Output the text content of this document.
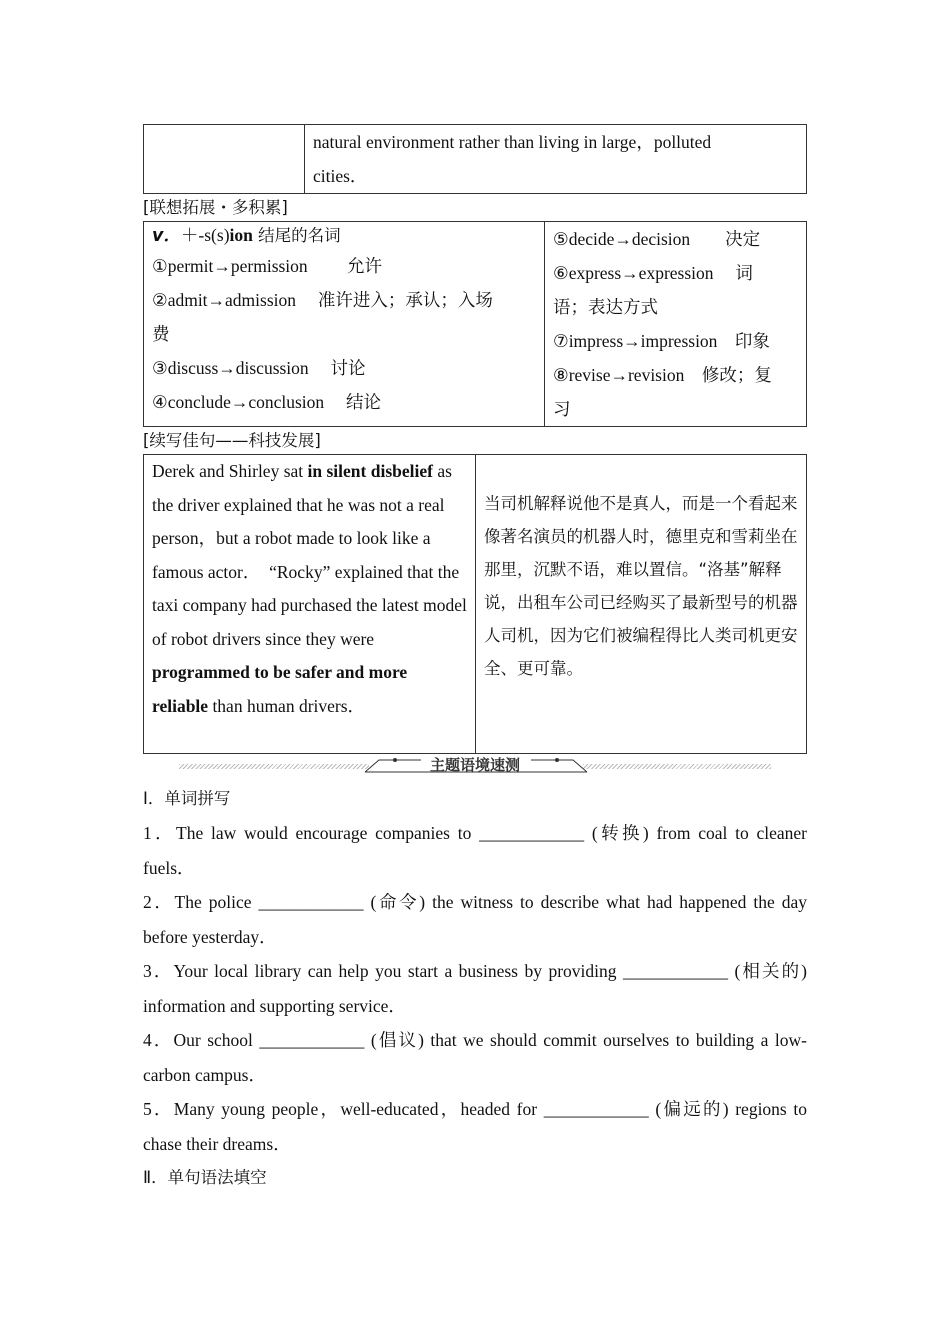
natural environment rather than living in large，polluted
cities．
[联想拓展・多积累]
v．＋-s(s)ion 结尾的名词
①permit→permission　　 允许
②admit→admission　 准许进入；承认；入场
费
③discuss→discussion　 讨论
④conclude→conclusion　 结论

⑤decide→decision　　决定
⑥express→expression　 词
语；表达方式
⑦impress→impression　印象
⑧revise→revision　修改；复
习
[续写佳句——科技发展]
Derek and Shirley sat in silent disbelief as the driver explained that he was not a real person，but a robot made to look like a famous actor．　“Rocky” explained that the taxi company had purchased the latest model of robot drivers since they were programmed to be safer and more reliable than human drivers．

当司机解释说他不是真人，而是一个看起来像著名演员的机器人时，德里克和雪莉坐在那里，沉默不语，难以置信。“洛基”解释说，出租车公司已经购买了最新型号的机器人司机，因为它们被编程得比人类司机更安全、更可靠。
主题语境速测
Ⅰ．单词拼写
1．The law would encourage companies to ____________ (转换) from coal to cleaner fuels．
2．The police ____________ (命令) the witness to describe what had happened the day before yesterday．
3．Your local library can help you start a business by providing ____________ (相关的) information and supporting service．
4．Our school ____________ (倡议) that we should commit ourselves to building a low-carbon campus．
5．Many young people，well-educated，headed for ____________ (偏远的) regions to chase their dreams．
Ⅱ．单句语法填空
